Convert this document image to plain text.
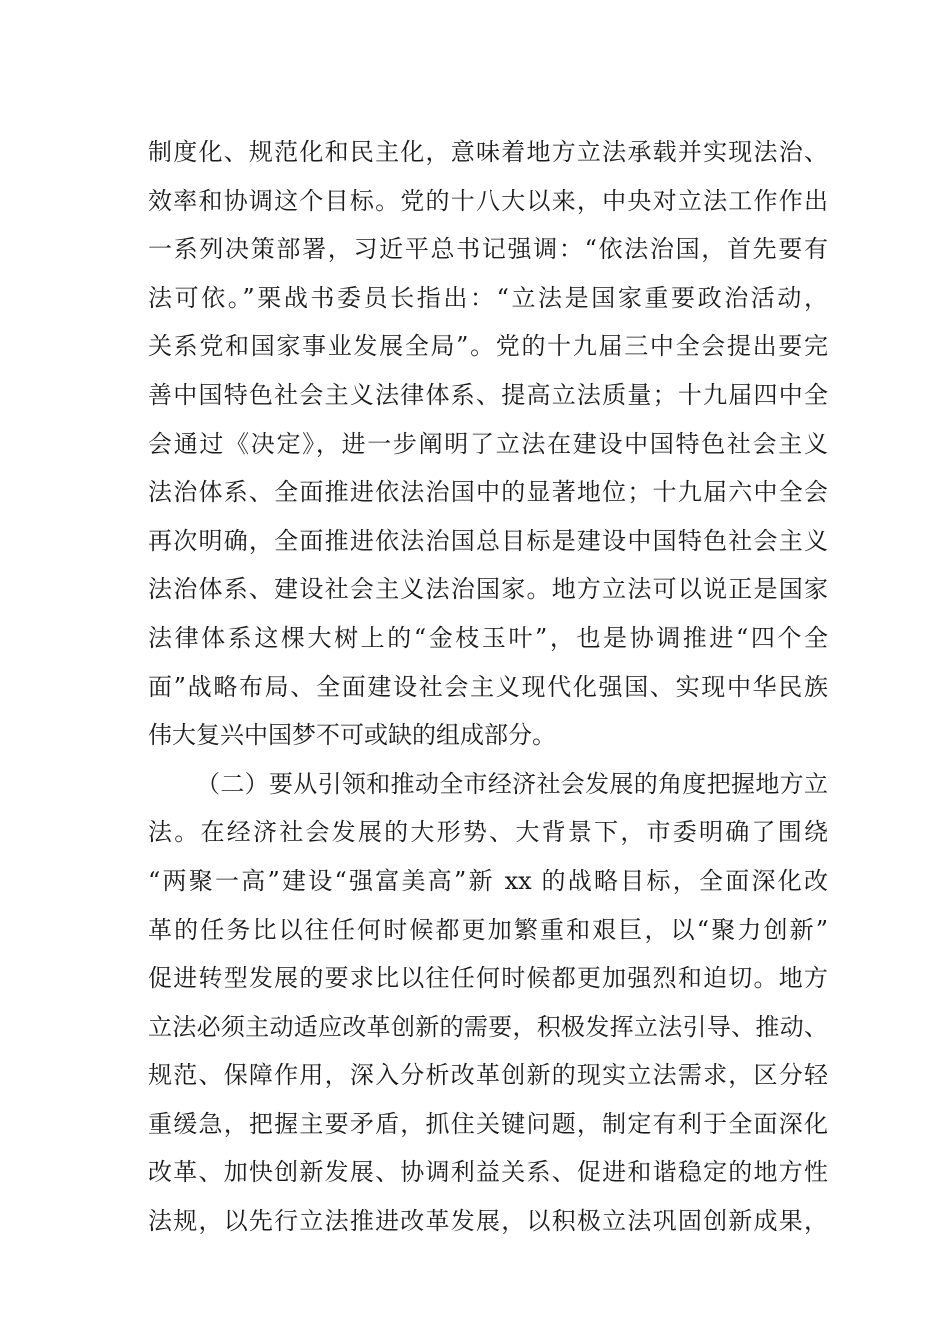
制度化、规范化和民主化，意味着地方立法承载并实现法治、
效率和协调这个目标。党的十八大以来，中央对立法工作作出
一系列决策部署，习近平总书记强调：“依法治国，首先要有
法可依。”栗战书委员长指出：“立法是国家重要政治活动，
关系党和国家事业发展全局”。党的十九届三中全会提出要完
善中国特色社会主义法律体系、提高立法质量；十九届四中全
会通过《决定》，进一步阐明了立法在建设中国特色社会主义
法治体系、全面推进依法治国中的显著地位；十九届六中全会
再次明确，全面推进依法治国总目标是建设中国特色社会主义
法治体系、建设社会主义法治国家。地方立法可以说正是国家
法律体系这棵大树上的“金枝玉叶”，也是协调推进“四个全
面”战略布局、全面建设社会主义现代化强国、实现中华民族
伟大复兴中国梦不可或缺的组成部分。
（二）要从引领和推动全市经济社会发展的角度把握地方立
法。在经济社会发展的大形势、大背景下，市委明确了围绕
“两聚一高”建设“强富美高”新 xx 的战略目标，全面深化改
革的任务比以往任何时候都更加繁重和艰巨，以“聚力创新”
促进转型发展的要求比以往任何时候都更加强烈和迫切。地方
立法必须主动适应改革创新的需要，积极发挥立法引导、推动、
规范、保障作用，深入分析改革创新的现实立法需求，区分轻
重缓急，把握主要矛盾，抓住关键问题，制定有利于全面深化
改革、加快创新发展、协调利益关系、促进和谐稳定的地方性
法规，以先行立法推进改革发展，以积极立法巩固创新成果，
